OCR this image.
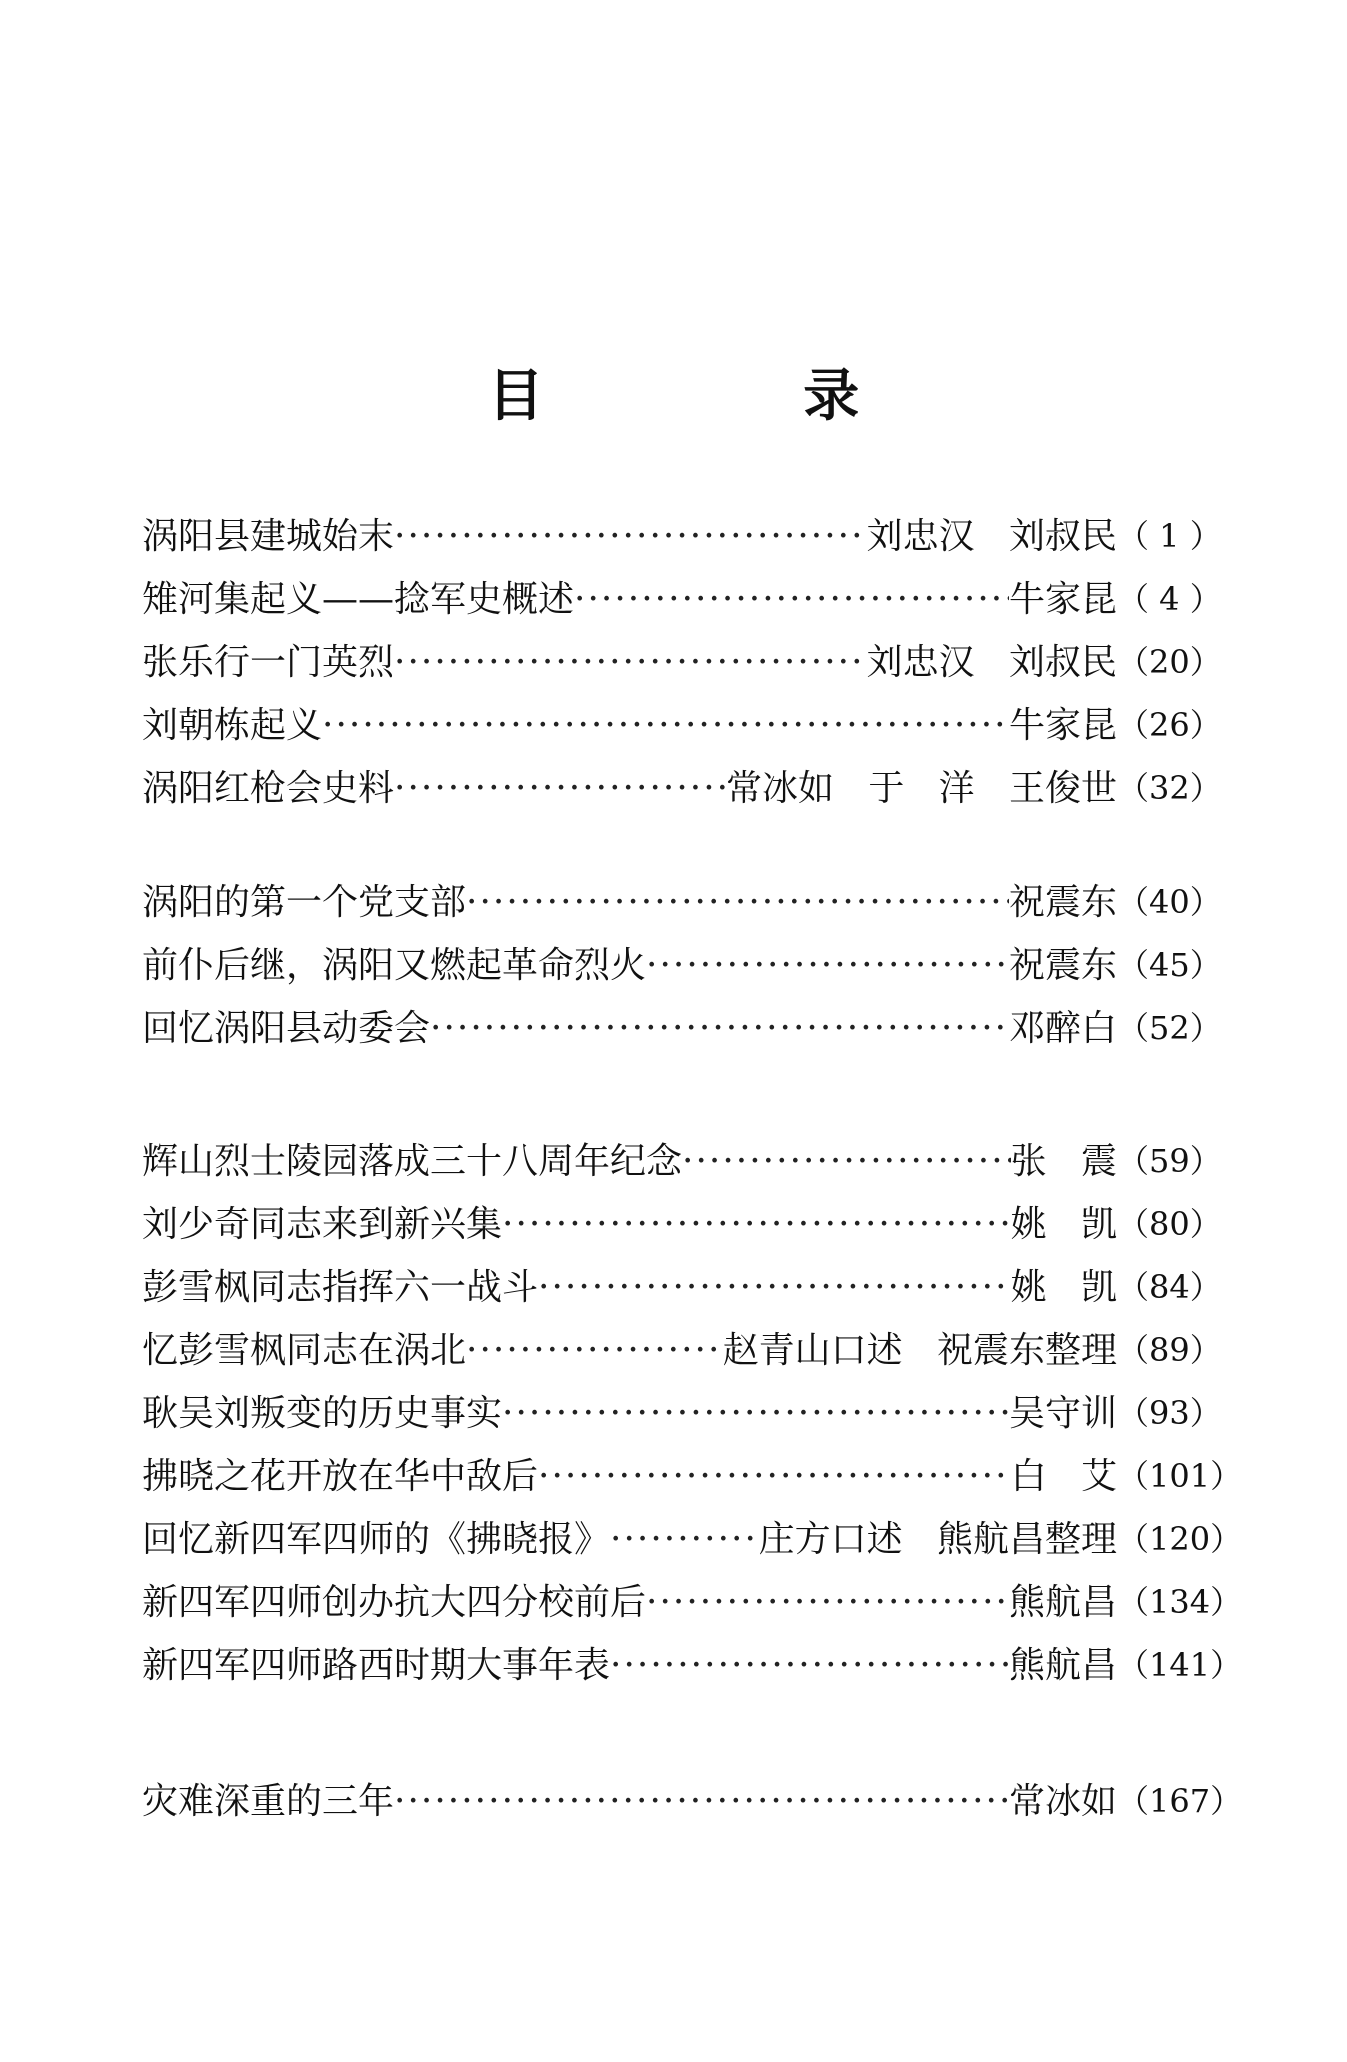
目 录
涡阳县建城始末 ·····	刘忠汉   刘叔民 （ 1 ）
雉河集起义——捻军史概述 ·····	牛家昆 （ 4 ）
张乐行一门英烈 ·····	刘忠汉   刘叔民 （20）
刘朝栋起义 ·····	牛家昆 （26）
涡阳红枪会史料 ·····	常冰如   于   洋   王俊世 （32）
涡阳的第一个党支部 ·····	祝震东 （40）
前仆后继，涡阳又燃起革命烈火 ·····	祝震东 （45）
回忆涡阳县动委会 ·····	邓醉白 （52）
辉山烈士陵园落成三十八周年纪念 ·····	张   震 （59）
刘少奇同志来到新兴集 ·····	姚   凯 （80）
彭雪枫同志指挥六一战斗 ·····	姚   凯 （84）
忆彭雪枫同志在涡北 ·····	赵青山口述   祝震东整理 （89）
耿吴刘叛变的历史事实 ·····	吴守训 （93）
拂晓之花开放在华中敌后 ·····	白   艾 （101）
回忆新四军四师的《拂晓报》 ·····	庄方口述   熊航昌整理 （120）
新四军四师创办抗大四分校前后 ·····	熊航昌 （134）
新四军四师路西时期大事年表 ·····	熊航昌 （141）
灾难深重的三年 ·····	常冰如 （167）
